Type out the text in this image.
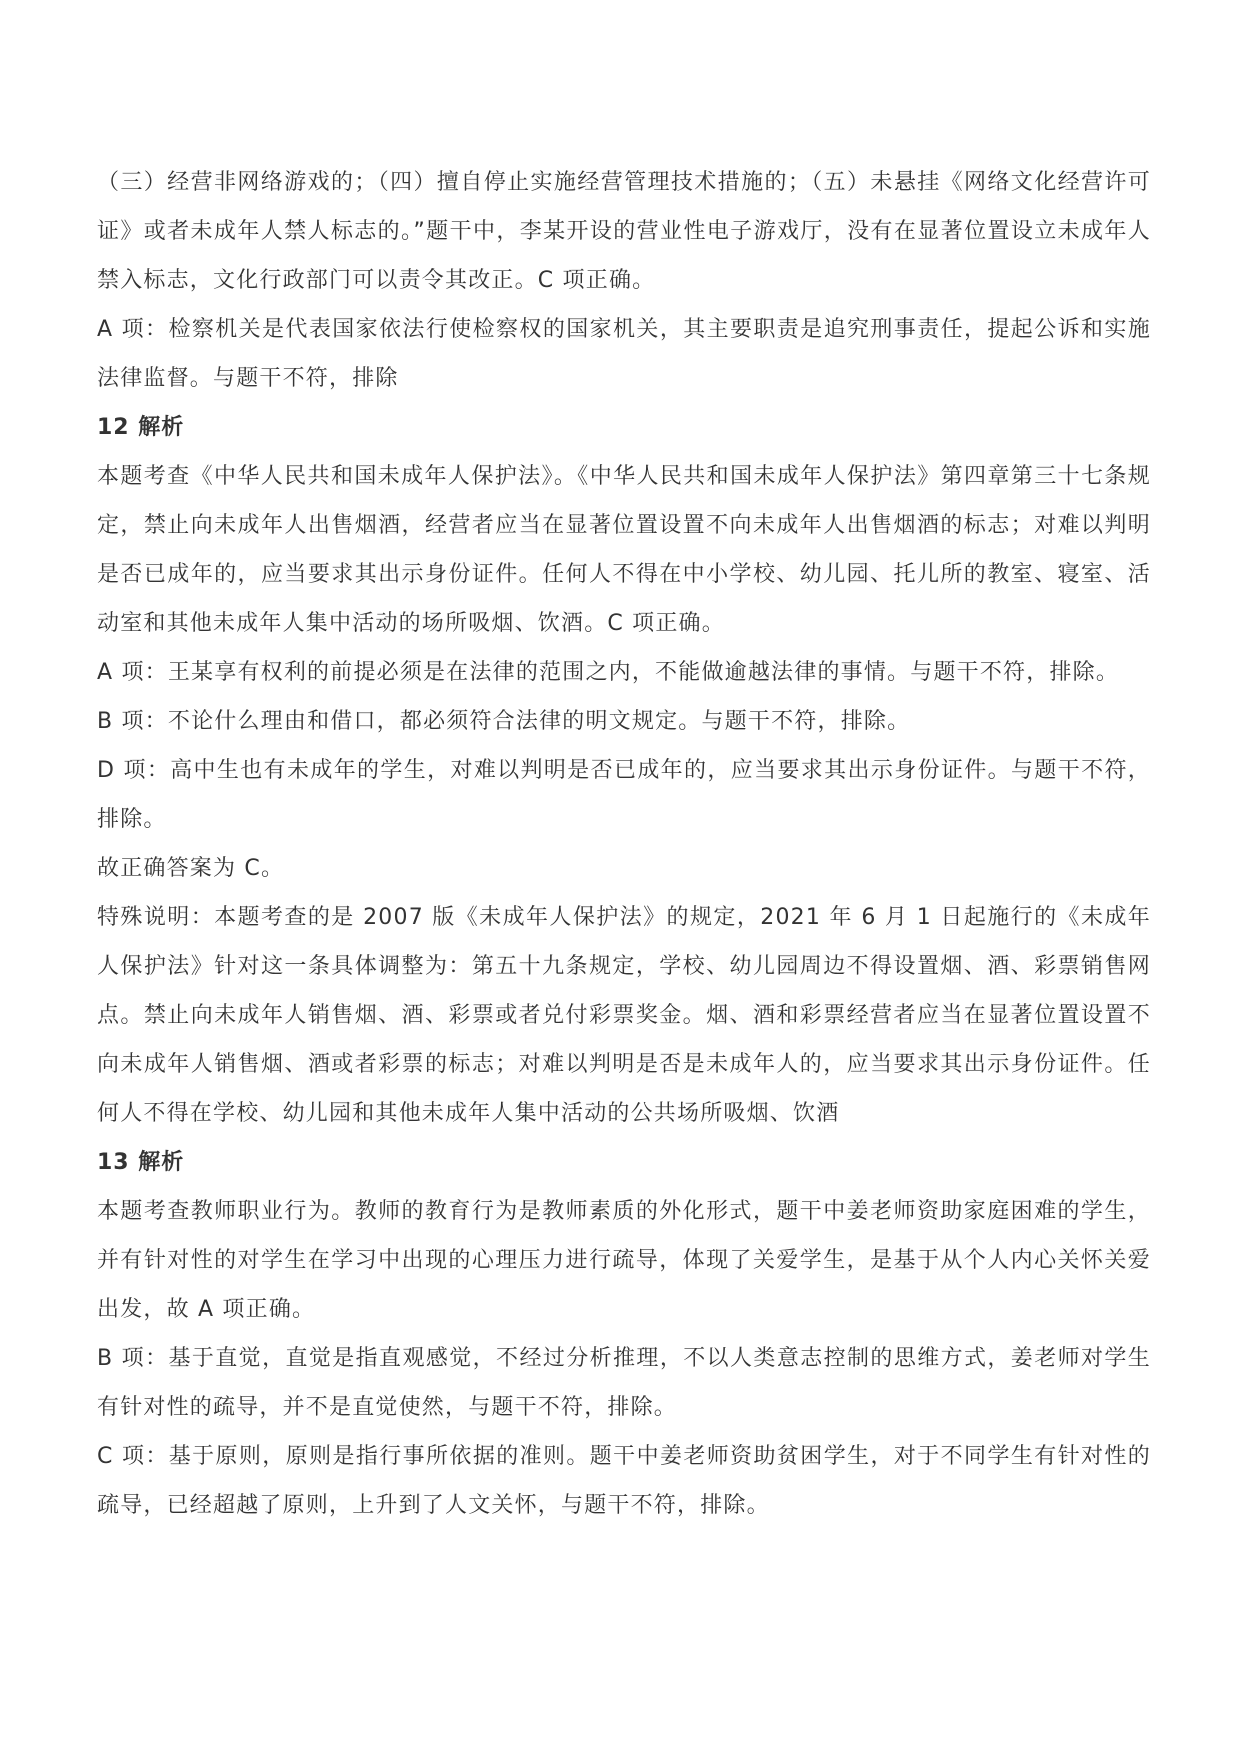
（三）经营非网络游戏的；（四）擅自停止实施经营管理技术措施的；（五）未悬挂《网络文化经营许可证》或者未成年人禁人标志的。”题干中，李某开设的营业性电子游戏厅，没有在显著位置设立未成年人禁入标志，文化行政部门可以责令其改正。C 项正确。

A 项：检察机关是代表国家依法行使检察权的国家机关，其主要职责是追究刑事责任，提起公诉和实施法律监督。与题干不符，排除

12 解析

本题考查《中华人民共和国未成年人保护法》。《中华人民共和国未成年人保护法》第四章第三十七条规定，禁止向未成年人出售烟酒，经营者应当在显著位置设置不向未成年人出售烟酒的标志；对难以判明是否已成年的，应当要求其出示身份证件。任何人不得在中小学校、幼儿园、托儿所的教室、寝室、活动室和其他未成年人集中活动的场所吸烟、饮酒。C 项正确。

A 项：王某享有权利的前提必须是在法律的范围之内，不能做逾越法律的事情。与题干不符，排除。

B 项：不论什么理由和借口，都必须符合法律的明文规定。与题干不符，排除。

D 项：高中生也有未成年的学生，对难以判明是否已成年的，应当要求其出示身份证件。与题干不符，排除。

故正确答案为 C。

特殊说明：本题考查的是 2007 版《未成年人保护法》的规定，2021 年 6 月 1 日起施行的《未成年人保护法》针对这一条具体调整为：第五十九条规定，学校、幼儿园周边不得设置烟、酒、彩票销售网点。禁止向未成年人销售烟、酒、彩票或者兑付彩票奖金。烟、酒和彩票经营者应当在显著位置设置不向未成年人销售烟、酒或者彩票的标志；对难以判明是否是未成年人的，应当要求其出示身份证件。任何人不得在学校、幼儿园和其他未成年人集中活动的公共场所吸烟、饮酒

13 解析

本题考查教师职业行为。教师的教育行为是教师素质的外化形式，题干中姜老师资助家庭困难的学生，并有针对性的对学生在学习中出现的心理压力进行疏导，体现了关爱学生，是基于从个人内心关怀关爱出发，故 A 项正确。

B 项：基于直觉，直觉是指直观感觉，不经过分析推理，不以人类意志控制的思维方式，姜老师对学生有针对性的疏导，并不是直觉使然，与题干不符，排除。

C 项：基于原则，原则是指行事所依据的准则。题干中姜老师资助贫困学生，对于不同学生有针对性的疏导，已经超越了原则，上升到了人文关怀，与题干不符，排除。
